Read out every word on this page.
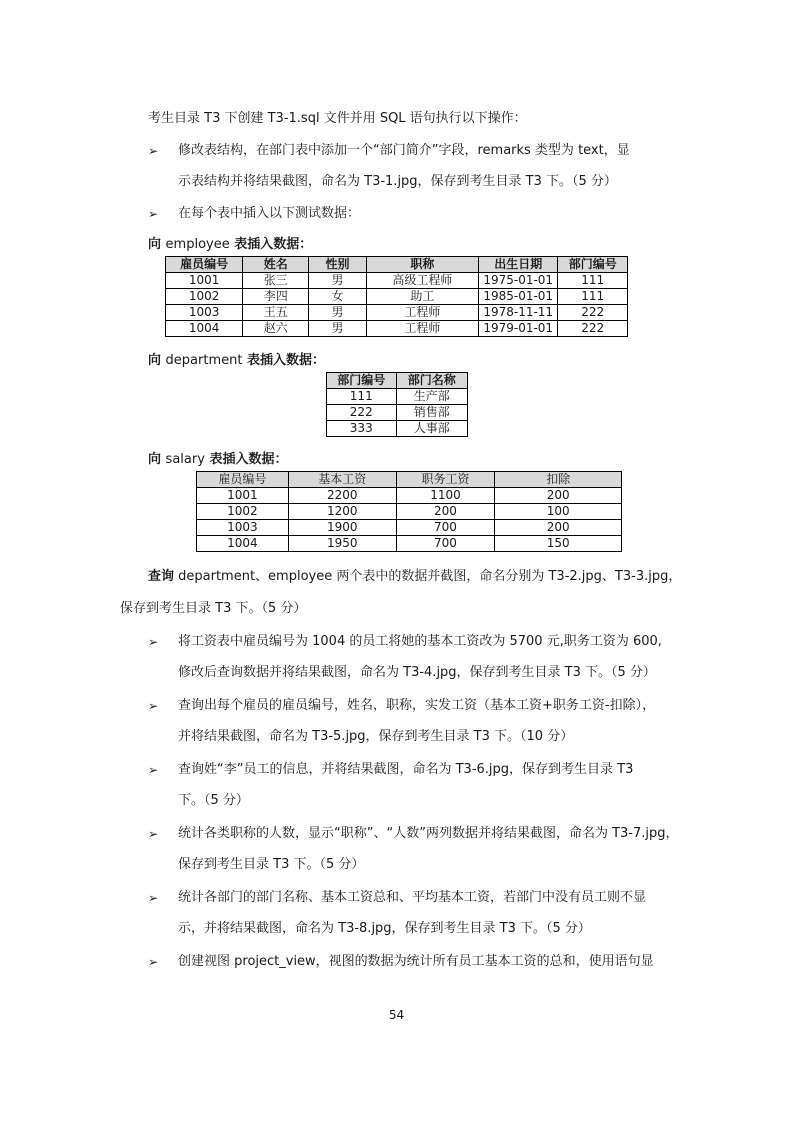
考生目录 T3 下创建 T3-1.sql 文件并用 SQL 语句执行以下操作：
➢ 修改表结构，在部门表中添加一个“部门简介”字段，remarks 类型为 text，显
示表结构并将结果截图，命名为 T3-1.jpg，保存到考生目录 T3 下。（5 分）
➢ 在每个表中插入以下测试数据：
向 employee 表插入数据：
雇员编号	姓名	性别	职称	出生日期	部门编号
1001	张三	男	高级工程师	1975-01-01	111
1002	李四	女	助工	1985-01-01	111
1003	王五	男	工程师	1978-11-11	222
1004	赵六	男	工程师	1979-01-01	222
向 department 表插入数据：
部门编号	部门名称
111	生产部
222	销售部
333	人事部
向 salary 表插入数据：
雇员编号	基本工资	职务工资	扣除
1001	2200	1100	200
1002	1200	200	100
1003	1900	700	200
1004	1950	700	150
查询 department、employee 两个表中的数据并截图，命名分别为 T3-2.jpg、T3-3.jpg，
保存到考生目录 T3 下。（5 分）
➢ 将工资表中雇员编号为 1004 的员工将她的基本工资改为 5700 元,职务工资为 600,
修改后查询数据并将结果截图，命名为 T3-4.jpg，保存到考生目录 T3 下。（5 分）
➢ 查询出每个雇员的雇员编号，姓名，职称，实发工资（基本工资+职务工资-扣除），
并将结果截图，命名为 T3-5.jpg，保存到考生目录 T3 下。（10 分）
➢ 查询姓“李”员工的信息，并将结果截图，命名为 T3-6.jpg，保存到考生目录 T3
下。（5 分）
➢ 统计各类职称的人数，显示“职称”、“人数”两列数据并将结果截图，命名为 T3-7.jpg，
保存到考生目录 T3 下。（5 分）
➢ 统计各部门的部门名称、基本工资总和、平均基本工资，若部门中没有员工则不显
示，并将结果截图，命名为 T3-8.jpg，保存到考生目录 T3 下。（5 分）
➢ 创建视图 project_view，视图的数据为统计所有员工基本工资的总和，使用语句显
54
